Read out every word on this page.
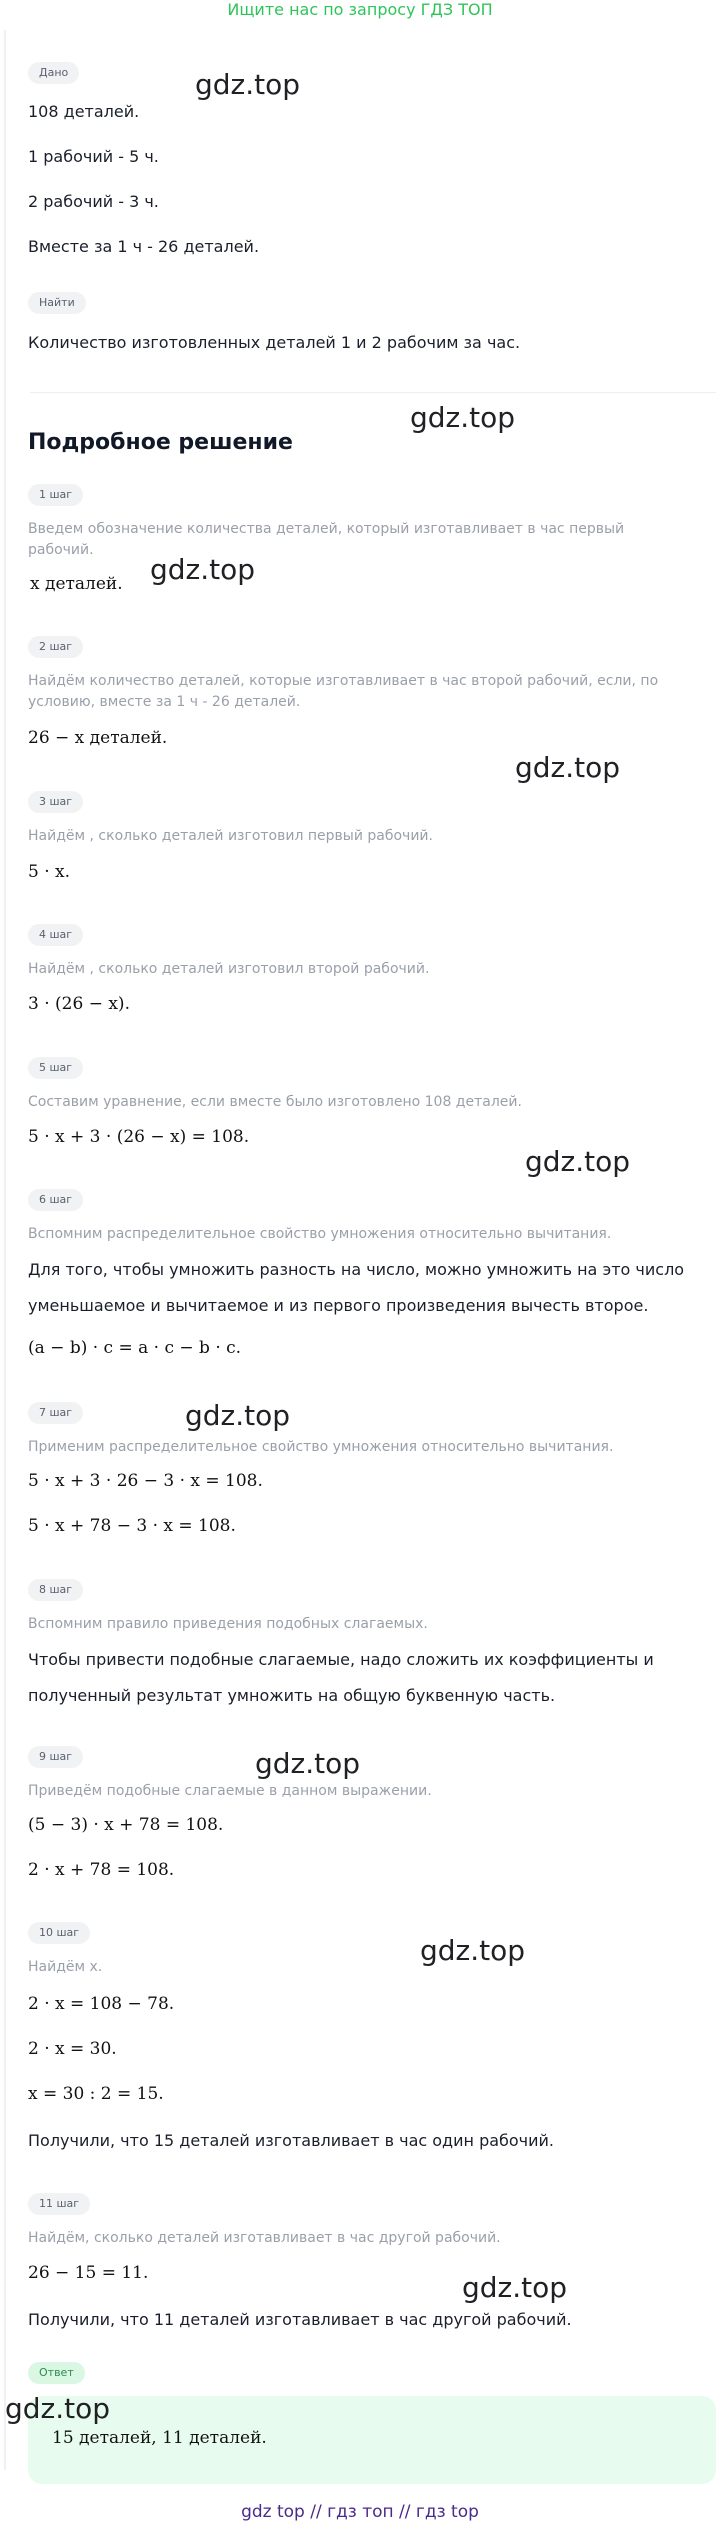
Ищите нас по запросу ГДЗ ТОП
Дано
108 деталей.
1 рабочий - 5 ч.
2 рабочий - 3 ч.
Вместе за 1 ч - 26 деталей.
Найти
Количество изготовленных деталей 1 и 2 рабочим за час.
Подробное решение
1 шаг
Введем обозначение количества деталей, который изготавливает в час первый
рабочий.
x деталей.
2 шаг
Найдём количество деталей, которые изготавливает в час второй рабочий, если, по
условию, вместе за 1 ч - 26 деталей.
26 − x деталей.
3 шаг
Найдём , сколько деталей изготовил первый рабочий.
5 · x.
4 шаг
Найдём , сколько деталей изготовил второй рабочий.
3 · (26 − x).
5 шаг
Составим уравнение, если вместе было изготовлено 108 деталей.
5 · x + 3 · (26 − x) = 108.
6 шаг
Вспомним распределительное свойство умножения относительно вычитания.
Для того, чтобы умножить разность на число, можно умножить на это число
уменьшаемое и вычитаемое и из первого произведения вычесть второе.
(a − b) · c = a · c − b · c.
7 шаг
Применим распределительное свойство умножения относительно вычитания.
5 · x + 3 · 26 − 3 · x = 108.
5 · x + 78 − 3 · x = 108.
8 шаг
Вспомним правило приведения подобных слагаемых.
Чтобы привести подобные слагаемые, надо сложить их коэффициенты и
полученный результат умножить на общую буквенную часть.
9 шаг
Приведём подобные слагаемые в данном выражении.
(5 − 3) · x + 78 = 108.
2 · x + 78 = 108.
10 шаг
Найдём x.
2 · x = 108 − 78.
2 · x = 30.
x = 30 : 2 = 15.
Получили, что 15 деталей изготавливает в час один рабочий.
11 шаг
Найдём, сколько деталей изготавливает в час другой рабочий.
26 − 15 = 11.
Получили, что 11 деталей изготавливает в час другой рабочий.
Ответ
15 деталей, 11 деталей.
gdz.top
gdz.top
gdz.top
gdz.top
gdz.top
gdz.top
gdz.top
gdz.top
gdz.top
gdz.top
gdz top // гдз топ // гдз top
